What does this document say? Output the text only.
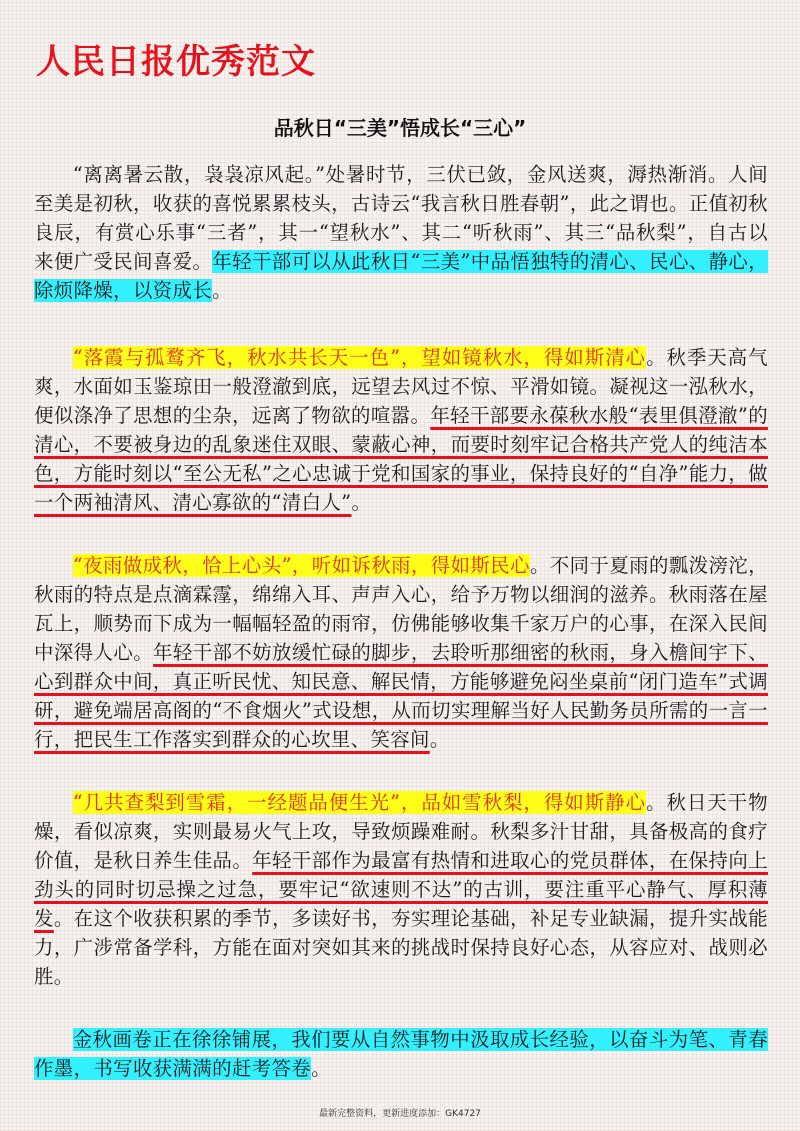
人民日报优秀范文
品秋日“三美”悟成长“三心”

“离离暑云散，袅袅凉风起。”处暑时节，三伏已敛，金风送爽，溽热渐消。人间至美是初秋，收获的喜悦累累枝头，古诗云“我言秋日胜春朝”，此之谓也。正值初秋良辰，有赏心乐事“三者”，其一“望秋水”、其二“听秋雨”、其三“品秋梨”，自古以来便广受民间喜爱。年轻干部可以从此秋日“三美”中品悟独特的清心、民心、静心，除烦降燥，以资成长。

“落霞与孤鹜齐飞，秋水共长天一色”，望如镜秋水，得如斯清心。秋季天高气爽，水面如玉鉴琼田一般澄澈到底，远望去风过不惊、平滑如镜。凝视这一泓秋水，便似涤净了思想的尘杂，远离了物欲的喧嚣。年轻干部要永葆秋水般“表里俱澄澈”的清心，不要被身边的乱象迷住双眼、蒙蔽心神，而要时刻牢记合格共产党人的纯洁本色，方能时刻以“至公无私”之心忠诚于党和国家的事业，保持良好的“自净”能力，做一个两袖清风、清心寡欲的“清白人”。

“夜雨做成秋，恰上心头”，听如诉秋雨，得如斯民心。不同于夏雨的瓢泼滂沱，秋雨的特点是点滴霖霪，绵绵入耳、声声入心，给予万物以细润的滋养。秋雨落在屋瓦上，顺势而下成为一幅幅轻盈的雨帘，仿佛能够收集千家万户的心事，在深入民间中深得人心。年轻干部不妨放缓忙碌的脚步，去聆听那细密的秋雨，身入檐间宇下、心到群众中间，真正听民忧、知民意、解民情，方能够避免闷坐桌前“闭门造车”式调研，避免端居高阁的“不食烟火”式设想，从而切实理解当好人民勤务员所需的一言一行，把民生工作落实到群众的心坎里、笑容间。

“几共查梨到雪霜，一经题品便生光”，品如雪秋梨，得如斯静心。秋日天干物燥，看似凉爽，实则最易火气上攻，导致烦躁难耐。秋梨多汁甘甜，具备极高的食疗价值，是秋日养生佳品。年轻干部作为最富有热情和进取心的党员群体，在保持向上劲头的同时切忌操之过急，要牢记“欲速则不达”的古训，要注重平心静气、厚积薄发。在这个收获积累的季节，多读好书，夯实理论基础，补足专业缺漏，提升实战能力，广涉常备学科，方能在面对突如其来的挑战时保持良好心态，从容应对、战则必胜。

金秋画卷正在徐徐铺展，我们要从自然事物中汲取成长经验，以奋斗为笔、青春作墨，书写收获满满的赶考答卷。

最新完整资料，更新进度添加：GK4727
